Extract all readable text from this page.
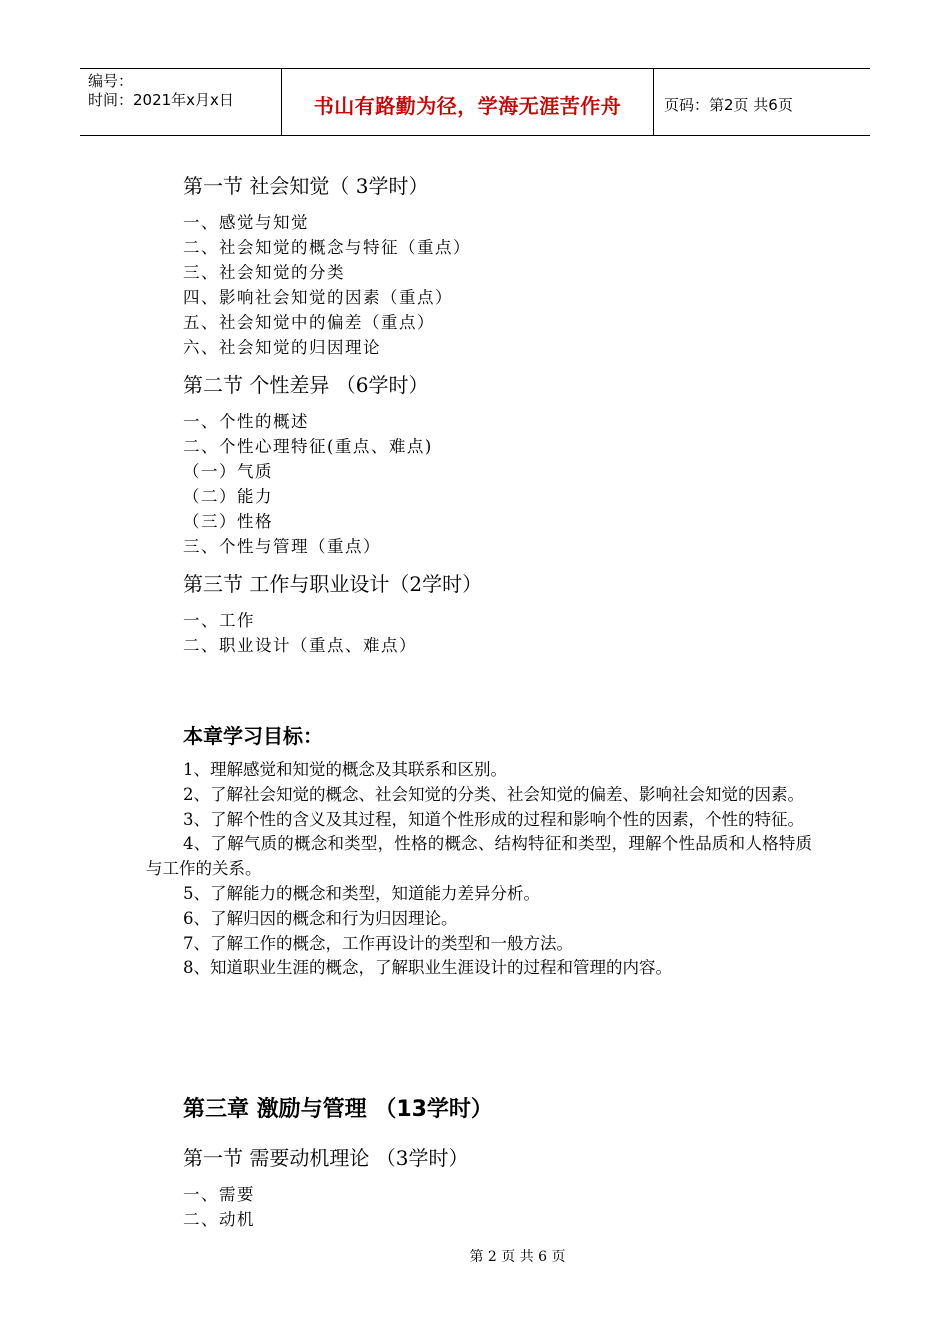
编号：
时间：2021年x月x日	书山有路勤为径，学海无涯苦作舟	页码：第2页 共6页
第一节 社会知觉（ 3学时）
一、感觉与知觉
二、社会知觉的概念与特征（重点）
三、社会知觉的分类
四、影响社会知觉的因素（重点）
五、社会知觉中的偏差（重点）
六、社会知觉的归因理论
第二节 个性差异 （6学时）
一、个性的概述
二、个性心理特征(重点、难点)
（一）气质
（二）能力
（三）性格
三、个性与管理（重点）
第三节 工作与职业设计（2学时）
一、工作
二、职业设计（重点、难点）
本章学习目标：

1、理解感觉和知觉的概念及其联系和区别。

2、了解社会知觉的概念、社会知觉的分类、社会知觉的偏差、影响社会知觉的因素。

3、了解个性的含义及其过程，知道个性形成的过程和影响个性的因素，个性的特征。

4、了解气质的概念和类型，性格的概念、结构特征和类型，理解个性品质和人格特质与工作的关系。

5、了解能力的概念和类型，知道能力差异分析。

6、了解归因的概念和行为归因理论。

7、了解工作的概念，工作再设计的类型和一般方法。

8、知道职业生涯的概念，了解职业生涯设计的过程和管理的内容。

第三章 激励与管理 （13学时）
第一节 需要动机理论 （3学时）
一、需要
二、动机
第 2 页 共 6 页
